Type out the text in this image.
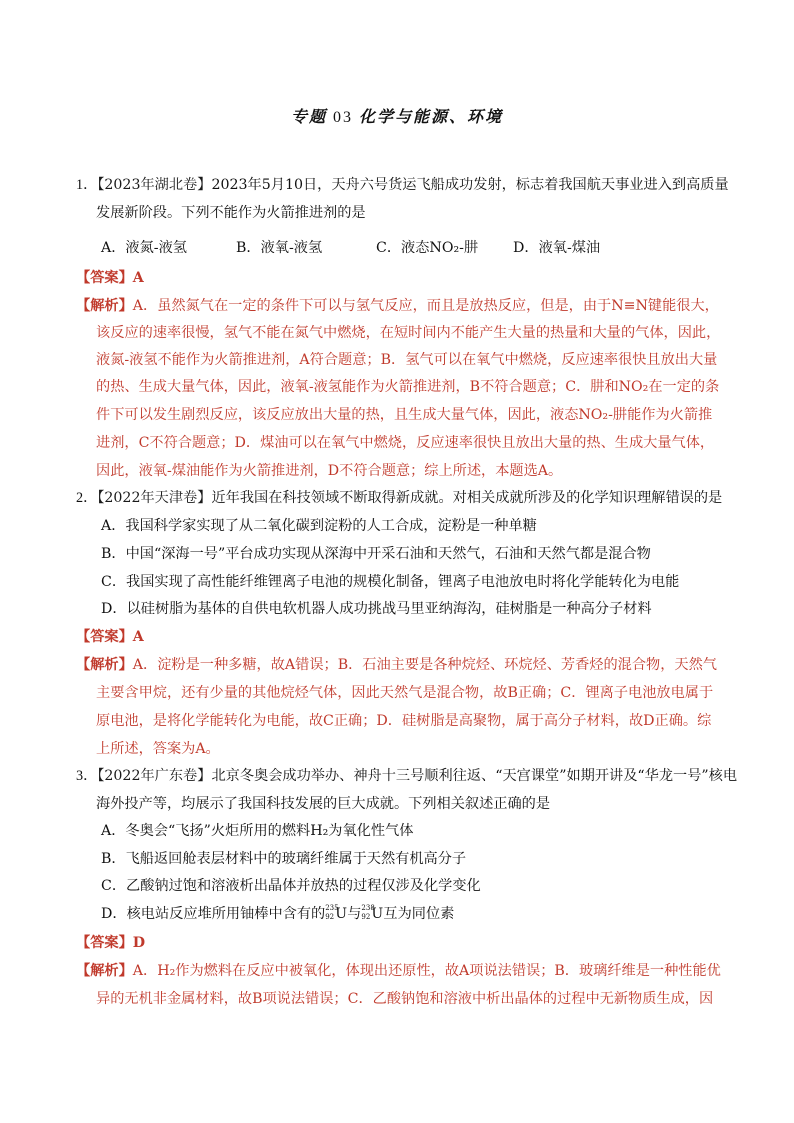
专题 03 化学与能源、环境
1．【2023年湖北卷】2023年5月10日，天舟六号货运飞船成功发射，标志着我国航天事业进入到高质量
发展新阶段。下列不能作为火箭推进剂的是
A．液氮-液氢	B．液氧-液氢	C．液态NO₂-肼 D．液氧-煤油
【答案】A
【解析】A．虽然氮气在一定的条件下可以与氢气反应，而且是放热反应，但是，由于N≡N键能很大，
该反应的速率很慢，氢气不能在氮气中燃烧，在短时间内不能产生大量的热量和大量的气体，因此，
液氮-液氢不能作为火箭推进剂，A符合题意；B．氢气可以在氧气中燃烧，反应速率很快且放出大量
的热、生成大量气体，因此，液氧-液氢能作为火箭推进剂，B不符合题意；C．肼和NO₂在一定的条
件下可以发生剧烈反应，该反应放出大量的热，且生成大量气体，因此，液态NO₂-肼能作为火箭推
进剂，C不符合题意；D．煤油可以在氧气中燃烧，反应速率很快且放出大量的热、生成大量气体，
因此，液氧-煤油能作为火箭推进剂，D不符合题意；综上所述，本题选A。
2．【2022年天津卷】近年我国在科技领域不断取得新成就。对相关成就所涉及的化学知识理解错误的是
A．我国科学家实现了从二氧化碳到淀粉的人工合成，淀粉是一种单糖
B．中国“深海一号”平台成功实现从深海中开采石油和天然气，石油和天然气都是混合物
C．我国实现了高性能纤维锂离子电池的规模化制备，锂离子电池放电时将化学能转化为电能
D．以硅树脂为基体的自供电软机器人成功挑战马里亚纳海沟，硅树脂是一种高分子材料
【答案】A
【解析】A．淀粉是一种多糖，故A错误；B．石油主要是各种烷烃、环烷烃、芳香烃的混合物，天然气
主要含甲烷，还有少量的其他烷烃气体，因此天然气是混合物，故B正确；C．锂离子电池放电属于
原电池，是将化学能转化为电能，故C正确；D．硅树脂是高聚物，属于高分子材料，故D正确。综
上所述，答案为A。
3．【2022年广东卷】北京冬奥会成功举办、神舟十三号顺利往返、“天宫课堂”如期开讲及“华龙一号”核电
海外投产等，均展示了我国科技发展的巨大成就。下列相关叙述正确的是
A．冬奥会“飞扬”火炬所用的燃料H₂为氧化性气体
B．飞船返回舱表层材料中的玻璃纤维属于天然有机高分子
C．乙酸钠过饱和溶液析出晶体并放热的过程仅涉及化学变化
D．核电站反应堆所用铀棒中含有的 235
92 U 与 238
92 U 互为同位素
【答案】D
【解析】A．H₂作为燃料在反应中被氧化，体现出还原性，故A项说法错误；B．玻璃纤维是一种性能优
异的无机非金属材料，故B项说法错误；C．乙酸钠饱和溶液中析出晶体的过程中无新物质生成，因
